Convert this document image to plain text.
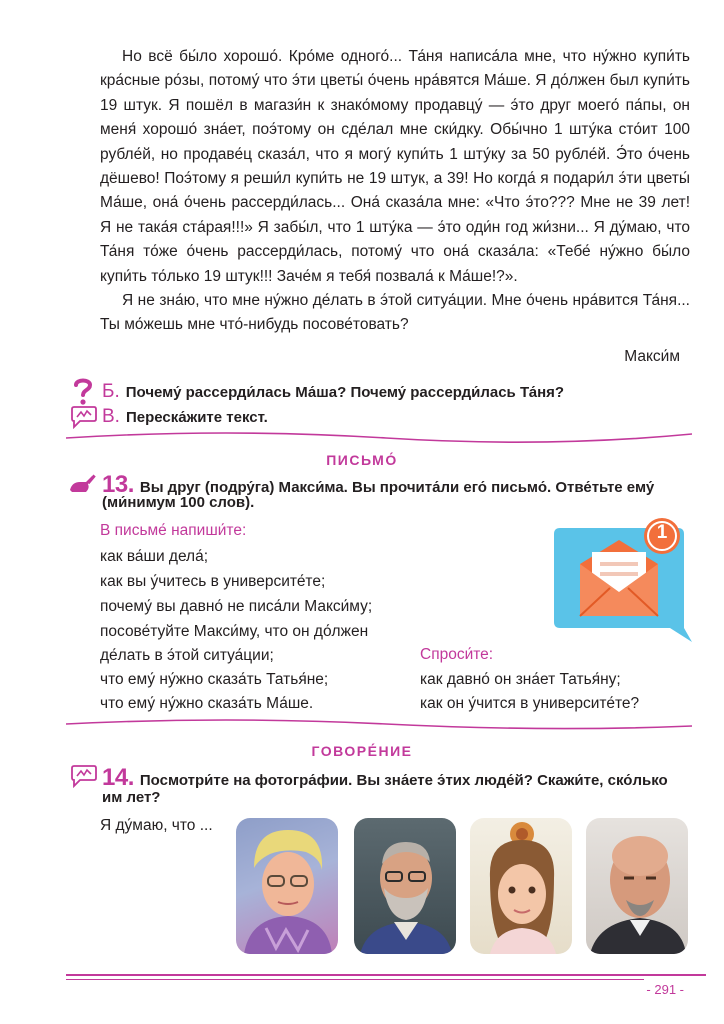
Но всё бы́ло хорошо́. Кро́ме одного́... Та́ня написа́ла мне, что ну́жно купи́ть кра́сные ро́зы, потому́ что э́ти цветы́ о́чень нра́вятся Ма́ше. Я до́лжен был купи́ть 19 штук. Я пошёл в магази́н к знако́мому продавцу́ — э́то друг моего́ па́пы, он меня́ хорошо́ зна́ет, поэ́тому он сде́лал мне ски́дку. Обы́чно 1 шту́ка сто́ит 100 рубле́й, но продаве́ц сказа́л, что я могу́ купи́ть 1 шту́ку за 50 рубле́й. Э́то о́чень дёшево! Поэ́тому я реши́л купи́ть не 19 штук, а 39! Но когда́ я подари́л э́ти цветы́ Ма́ше, она́ о́чень рассерди́лась... Она́ сказа́ла мне: «Что э́то??? Мне не 39 лет! Я не така́я ста́рая!!!» Я забы́л, что 1 шту́ка — э́то оди́н год жи́зни... Я ду́маю, что Та́ня то́же о́чень рассерди́лась, потому́ что она́ сказа́ла: «Тебе́ ну́жно бы́ло купи́ть то́лько 19 штук!!! Заче́м я тебя́ позвала́ к Ма́ше!?».

Я не зна́ю, что мне ну́жно де́лать в э́той ситуа́ции. Мне о́чень нра́вится Та́ня... Ты мо́жешь мне что́-нибудь посове́товать?

Макси́м
Б. Почему́ рассерди́лась Ма́ша? Почему́ рассерди́лась Та́ня?
В. Переска́жите текст.
ПИСЬМО́
13. Вы друг (подру́га) Макси́ма. Вы прочита́ли его́ письмо́. Отве́тьте ему́
(ми́нимум 100 слов).
В письме́ напиши́те:
как ва́ши дела́;
как вы у́читесь в университе́те;
почему́ вы давно́ не писа́ли Макси́му;
посове́туйте Макси́му, что он до́лжен
де́лать в э́той ситуа́ции;
что ему́ ну́жно сказа́ть Татья́не;
что ему́ ну́жно сказа́ть Ма́ше.
Спроси́те:
как давно́ он зна́ет Татья́ну;
как он у́чится в университе́те?
1
ГОВОРЕ́НИЕ
14. Посмотри́те на фотогра́фии. Вы зна́ете э́тих люде́й? Скажи́те, ско́лько
им лет?
Я ду́маю, что ...
- 291 -
